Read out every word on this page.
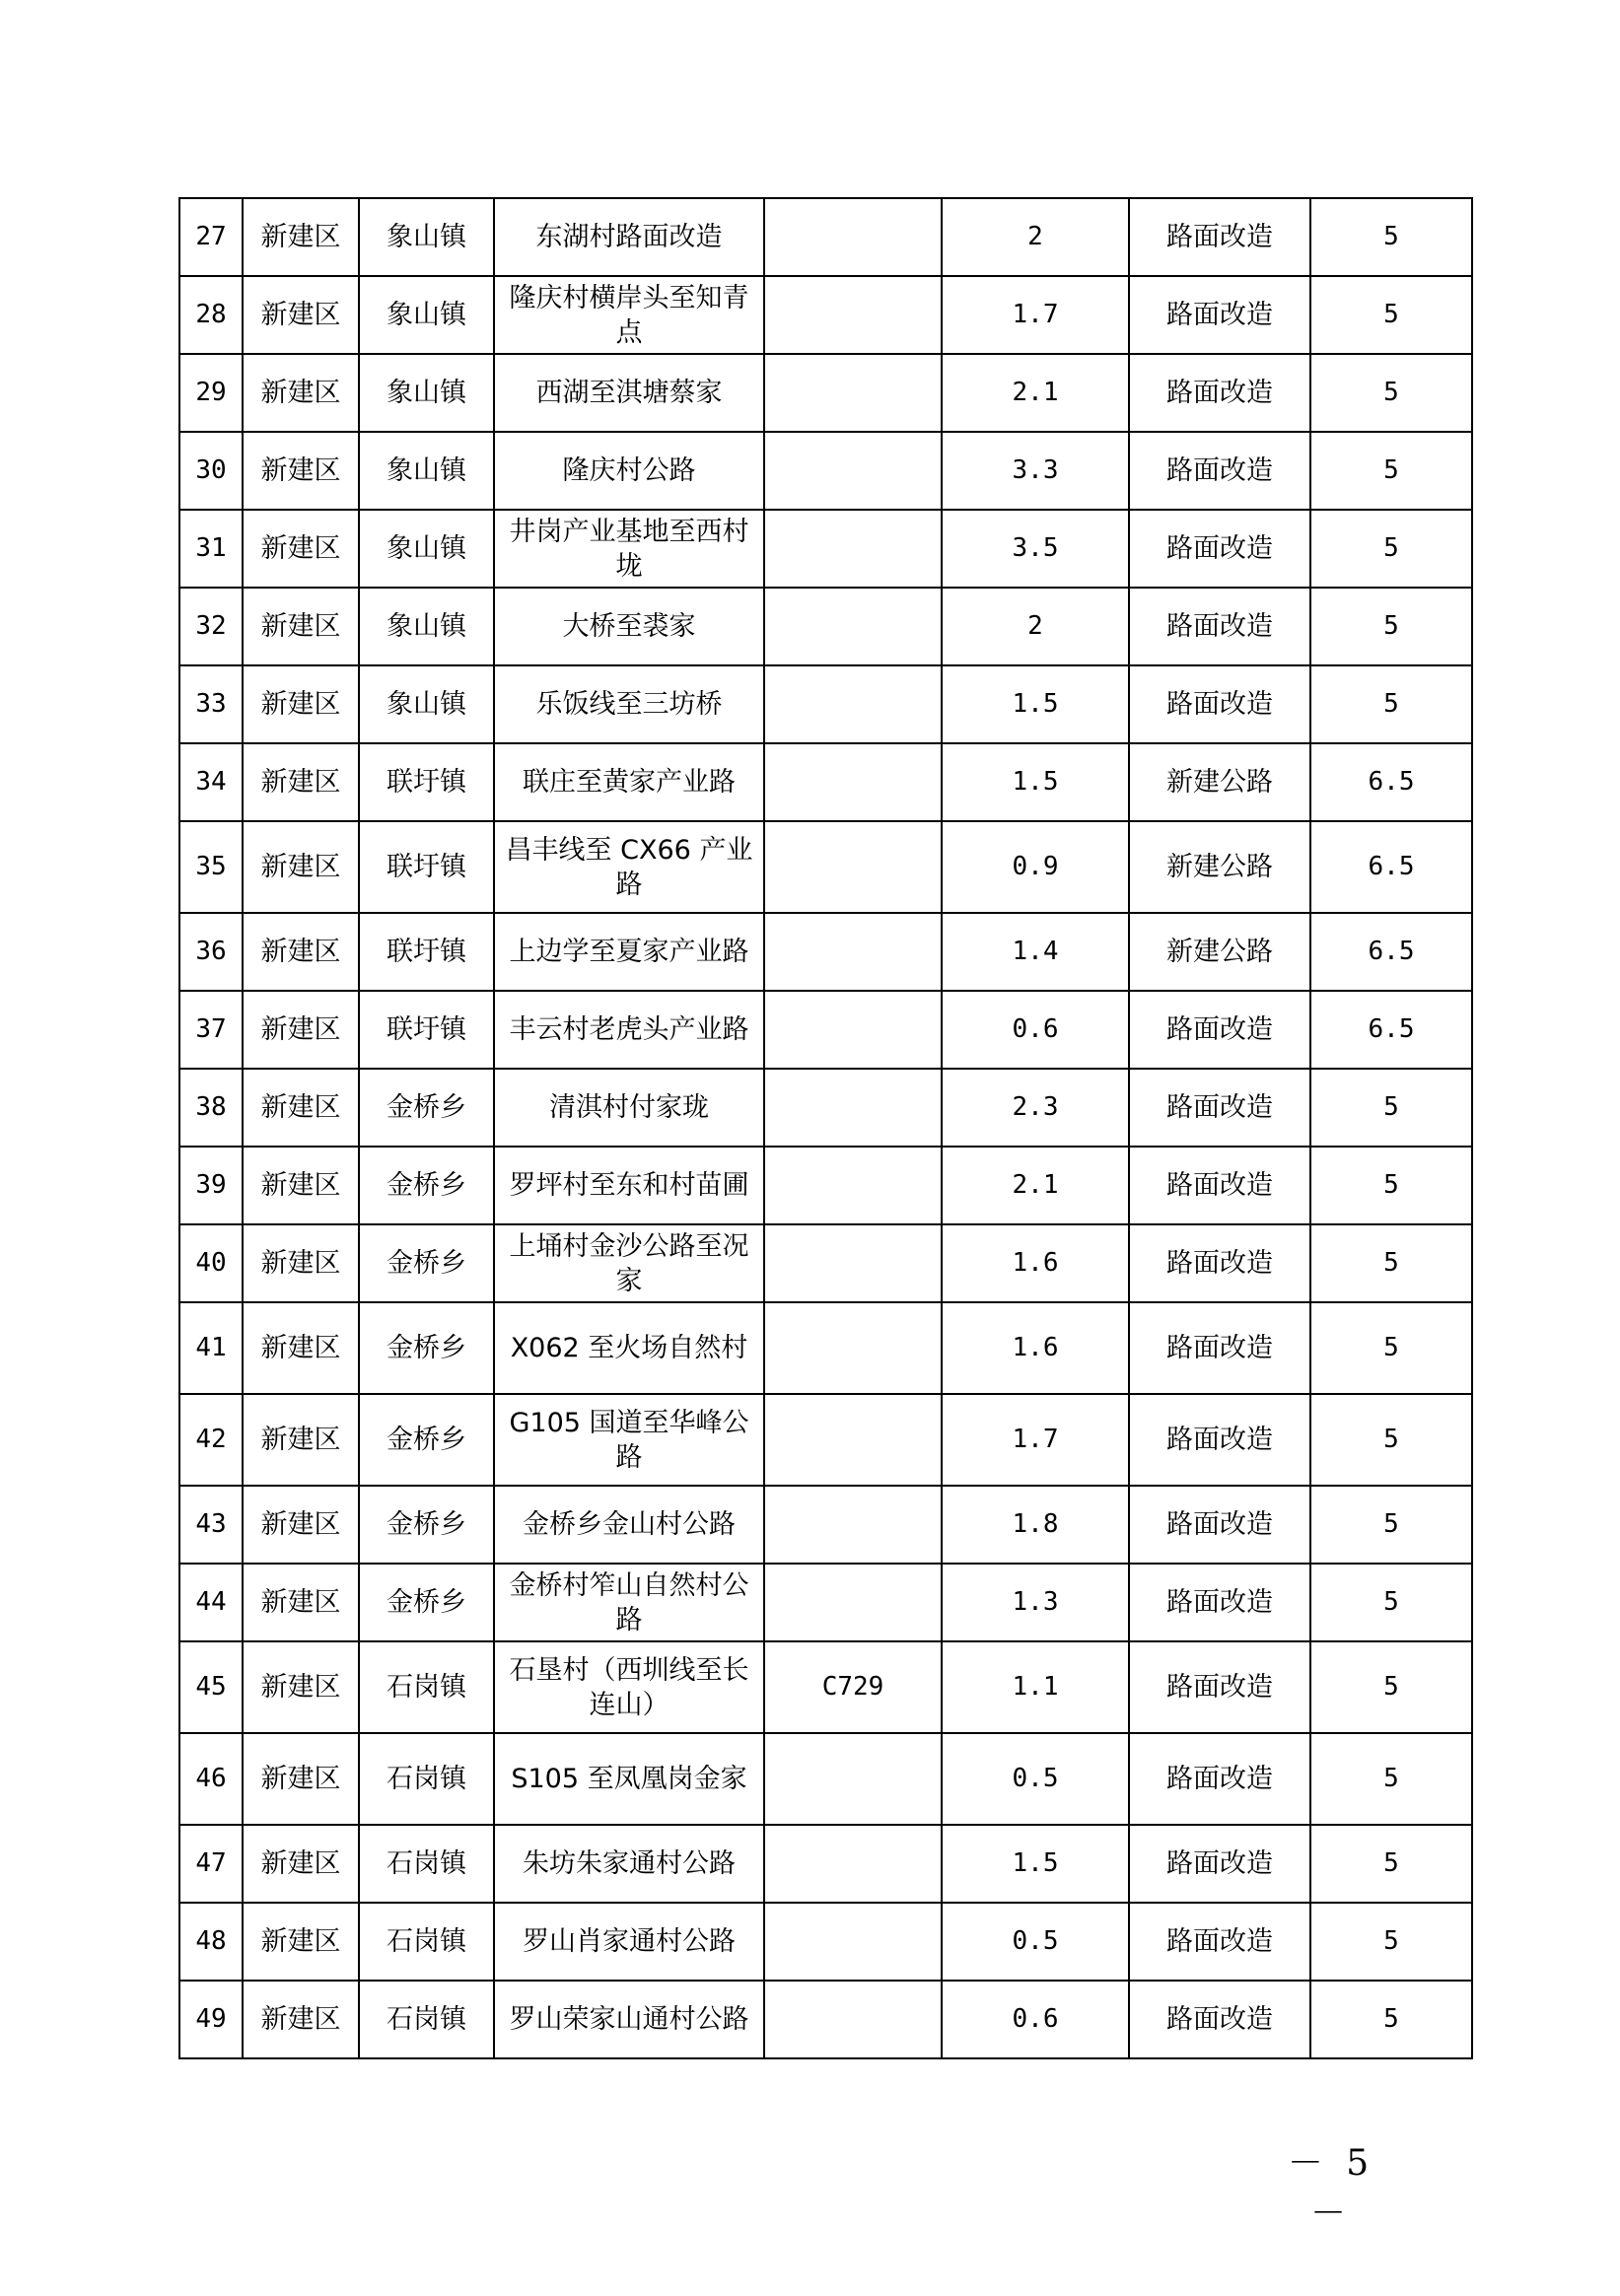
27	新建区	象山镇	东湖村路面改造		2	路面改造	5
28	新建区	象山镇	隆庆村横岸头至知青点		1.7	路面改造	5
29	新建区	象山镇	西湖至淇塘蔡家		2.1	路面改造	5
30	新建区	象山镇	隆庆村公路		3.3	路面改造	5
31	新建区	象山镇	井岗产业基地至西村垅		3.5	路面改造	5
32	新建区	象山镇	大桥至裘家		2	路面改造	5
33	新建区	象山镇	乐饭线至三坊桥		1.5	路面改造	5
34	新建区	联圩镇	联庄至黄家产业路		1.5	新建公路	6.5
35	新建区	联圩镇	昌丰线至 CX66 产业路		0.9	新建公路	6.5
36	新建区	联圩镇	上边学至夏家产业路		1.4	新建公路	6.5
37	新建区	联圩镇	丰云村老虎头产业路		0.6	路面改造	6.5
38	新建区	金桥乡	清淇村付家珑		2.3	路面改造	5
39	新建区	金桥乡	罗坪村至东和村苗圃		2.1	路面改造	5
40	新建区	金桥乡	上埇村金沙公路至况家		1.6	路面改造	5
41	新建区	金桥乡	X062 至火场自然村		1.6	路面改造	5
42	新建区	金桥乡	G105 国道至华峰公路		1.7	路面改造	5
43	新建区	金桥乡	金桥乡金山村公路		1.8	路面改造	5
44	新建区	金桥乡	金桥村笮山自然村公路		1.3	路面改造	5
45	新建区	石岗镇	石垦村（西圳线至长连山）	C729	1.1	路面改造	5
46	新建区	石岗镇	S105 至凤凰岗金家		0.5	路面改造	5
47	新建区	石岗镇	朱坊朱家通村公路		1.5	路面改造	5
48	新建区	石岗镇	罗山肖家通村公路		0.5	路面改造	5
49	新建区	石岗镇	罗山荣家山通村公路		0.6	路面改造	5
－ 5 －
